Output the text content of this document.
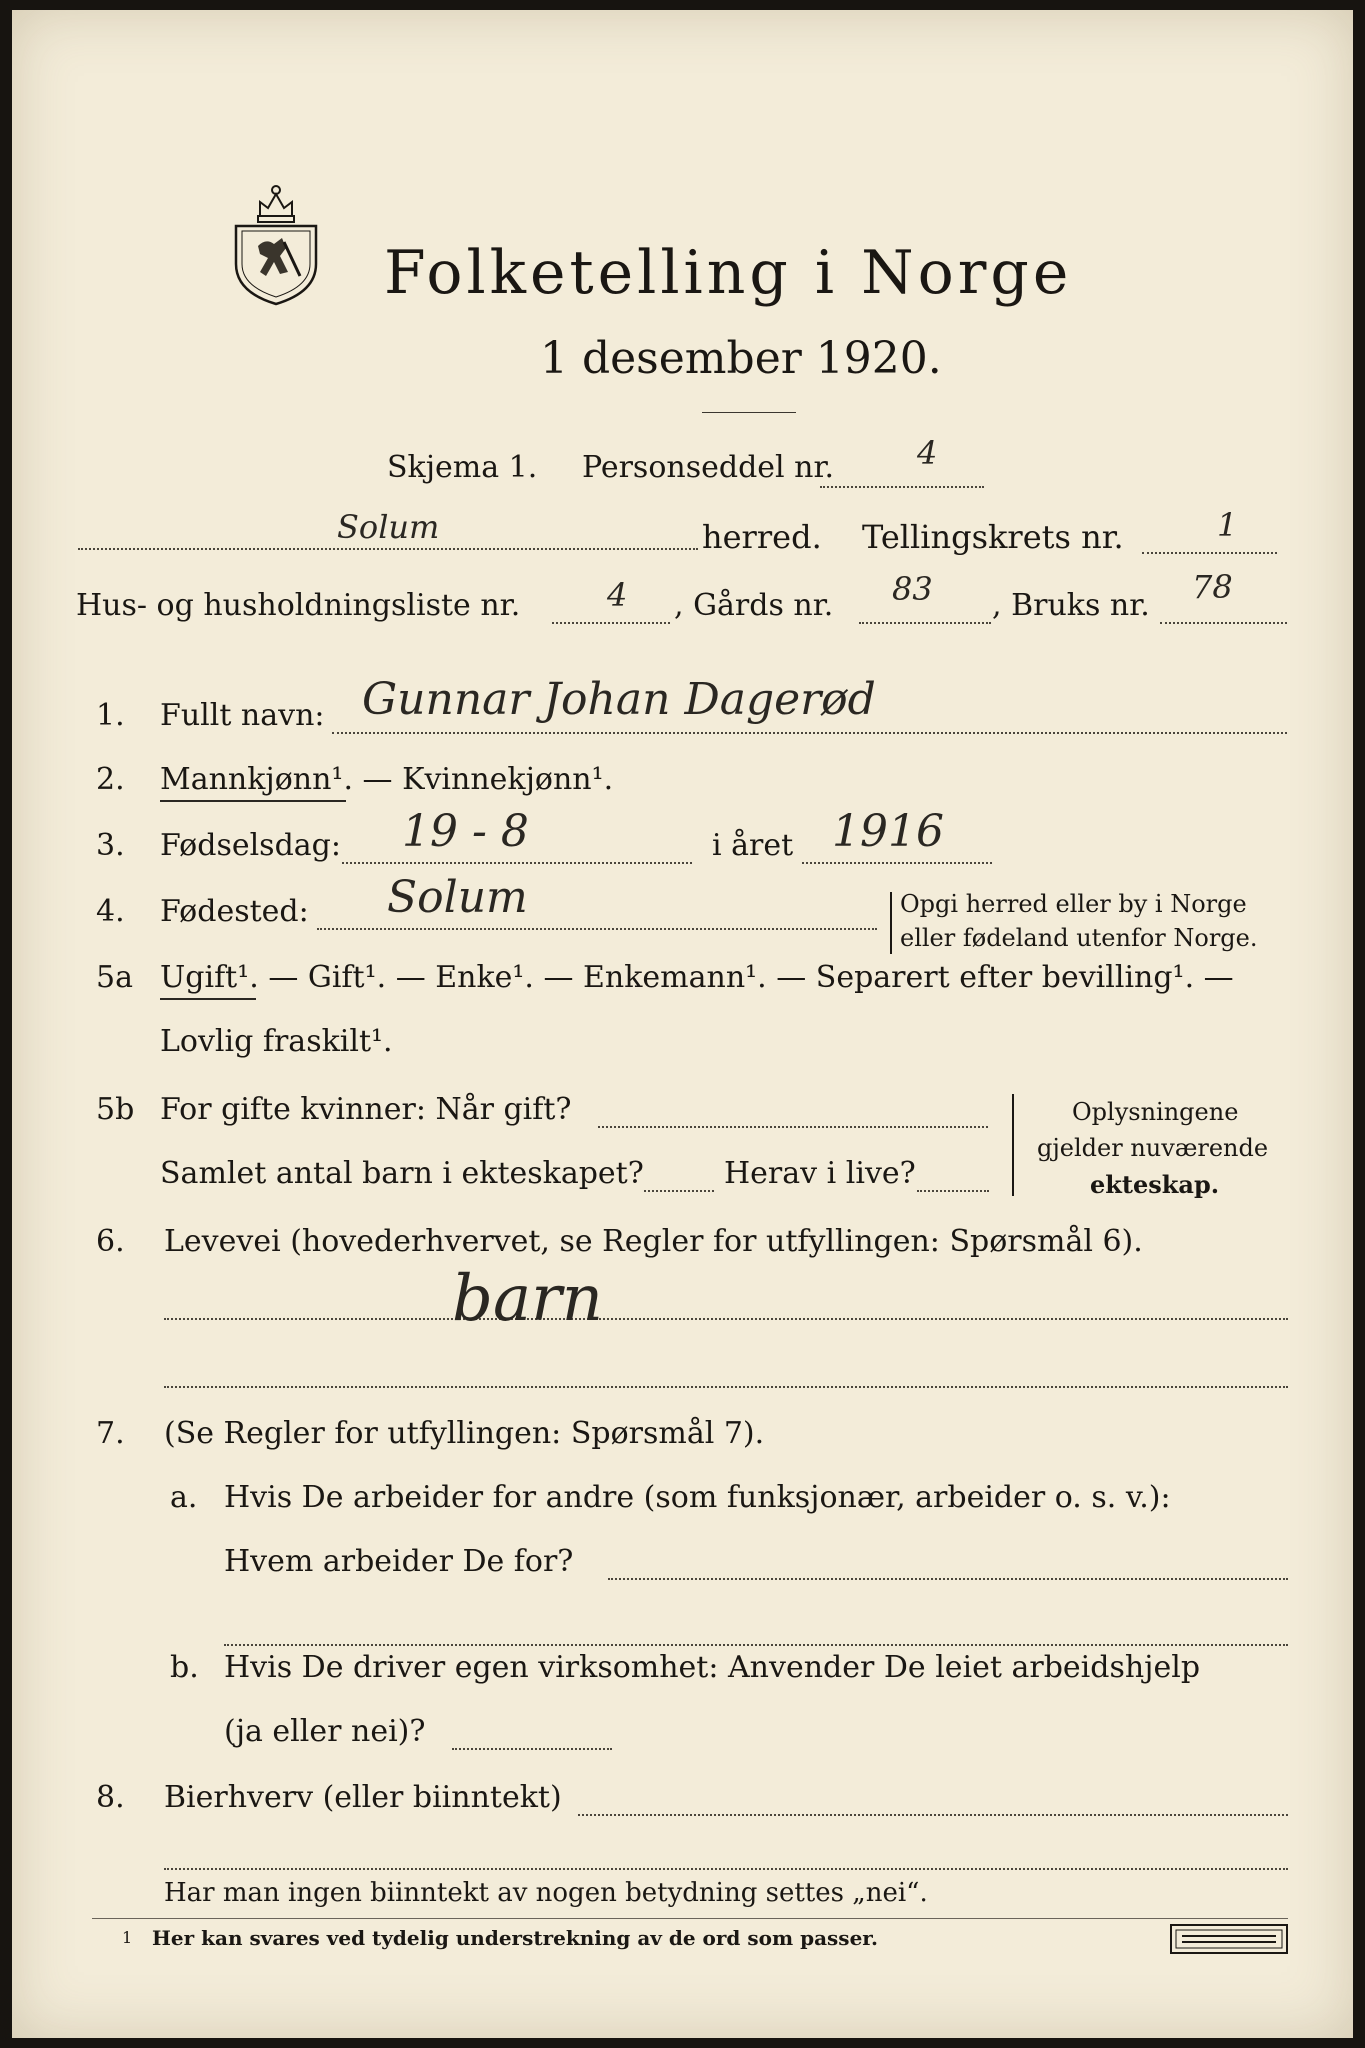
Folketelling i Norge
1 desember 1920.
Skjema 1. Personseddel nr.	4
Solum	herred. Tellingskrets nr.	1
Hus- og husholdningsliste nr.	4 , Gårds nr. 83 , Bruks nr. 78
1. Fullt navn: Gunnar Johan Dagerød
2. Mannkjønn¹. — Kvinnekjønn¹.
3. Fødselsdag: 19 - 8	i året 1916
4. Fødested: Solum	Opgi herred eller by i Norge
eller fødeland utenfor Norge.
5a Ugift¹. — Gift¹. — Enke¹. — Enkemann¹. — Separert efter bevilling¹. —
Lovlig fraskilt¹.
5b For gifte kvinner: Når gift?
Samlet antal barn i ekteskapet?	Herav i live?
Oplysningene
gjelder nuværende
ekteskap.
6. Levevei (hovederhvervet, se Regler for utfyllingen: Spørsmål 6).
barn
7. (Se Regler for utfyllingen: Spørsmål 7).
a. Hvis De arbeider for andre (som funksjonær, arbeider o. s. v.):
Hvem arbeider De for?
b. Hvis De driver egen virksomhet: Anvender De leiet arbeidshjelp
(ja eller nei)?
8. Bierhverv (eller biinntekt)
Har man ingen biinntekt av nogen betydning settes „nei“.
1 Her kan svares ved tydelig understrekning av de ord som passer.
